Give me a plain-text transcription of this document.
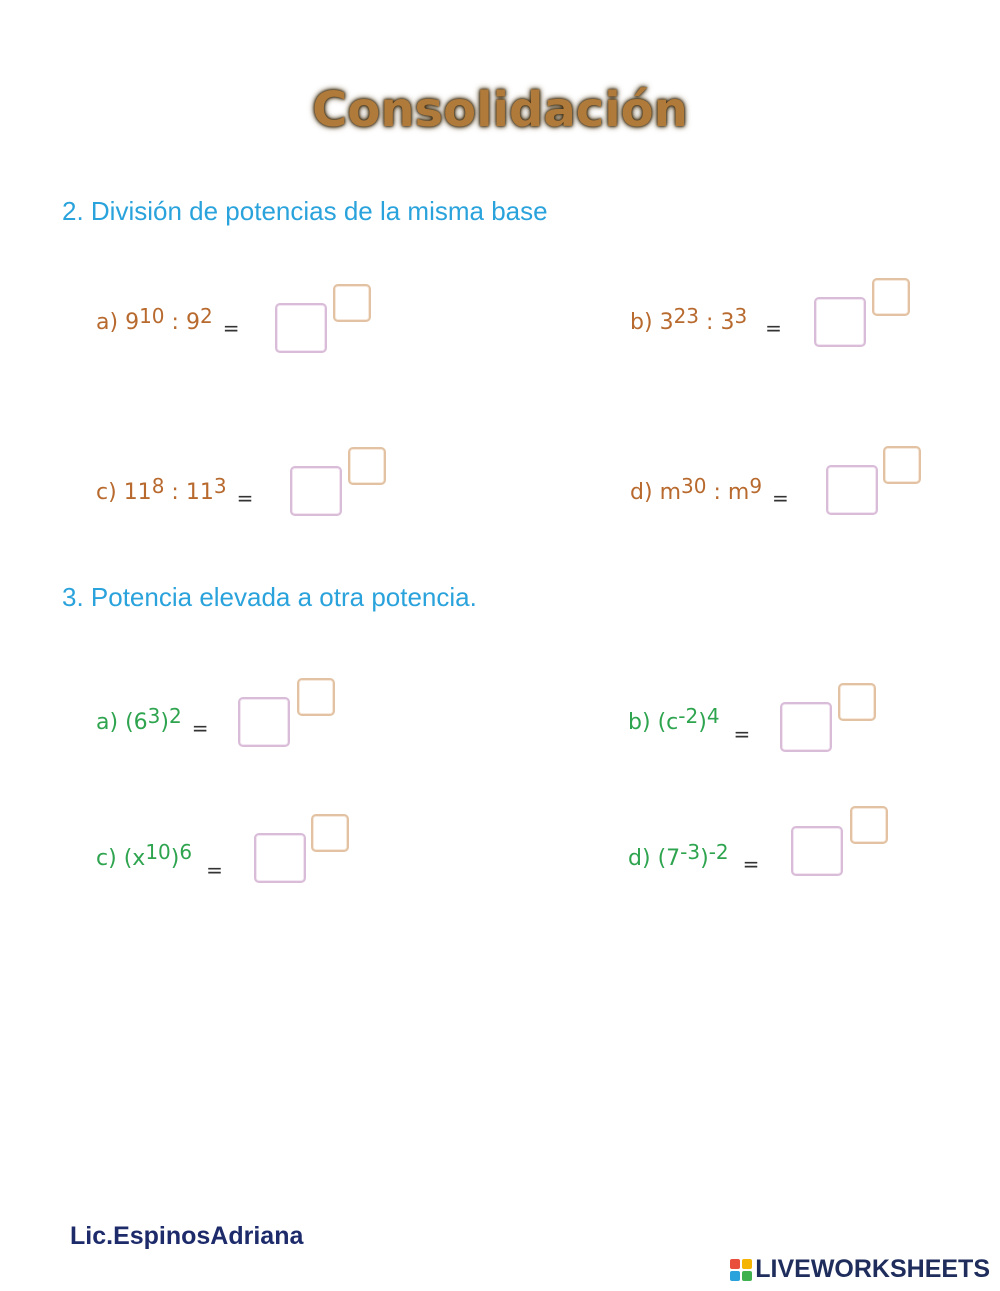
Consolidación
2. División de potencias de la misma base
a) $9^{10}$ : $9^2$ =	b) $3^{23}$ : $3^3$ =
c) $11^8$ : $11^3$ =	d) $m^{30}$ : $m^9$ =
3. Potencia elevada a otra potencia.
a) $(6^3)^2$ =	b) $(c^{-2})^4=$
c) $(x^{10})^6=$	d) $(7^{-3})^{-2}$ =
Lic.EspinosAdriana
LIVEWORKSHEETS
